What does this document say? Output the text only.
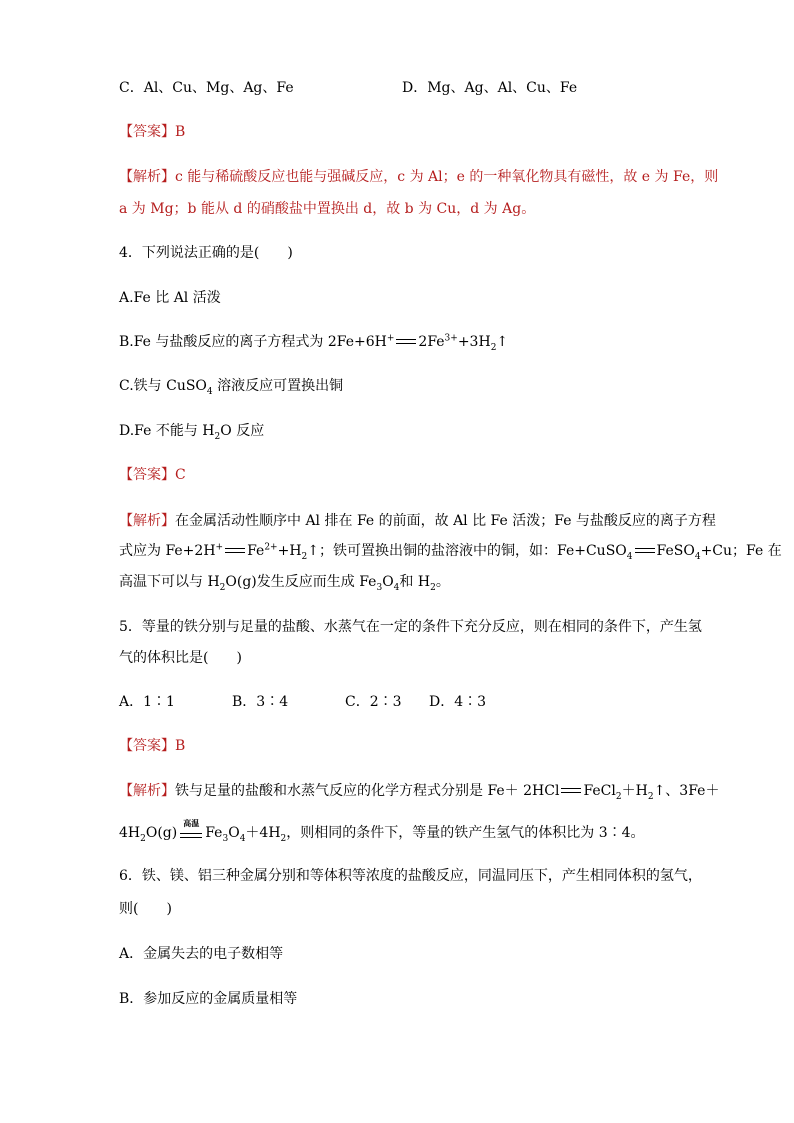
C．Al、Cu、Mg、Ag、Fe	D．Mg、Ag、Al、Cu、Fe
【答案】B
【解析】c 能与稀硫酸反应也能与强碱反应，c 为 Al；e 的一种氧化物具有磁性，故 e 为 Fe，则
a 为 Mg；b 能从 d 的硝酸盐中置换出 d，故 b 为 Cu，d 为 Ag。
4．下列说法正确的是(　　)
A.Fe 比 Al 活泼
B.Fe 与盐酸反应的离子方程式为 2Fe+6H+ $2Fe^{3+}+3H_2↑$
C.铁与 CuSO$_4$ 溶液反应可置换出铜
D.Fe 不能与 $H_2O$ 反应
【答案】C
【解析】在金属活动性顺序中 Al 排在 Fe 的前面，故 Al 比 Fe 活泼；Fe 与盐酸反应的离子方程
式应为 Fe+2H+ $Fe^{2+}+H_2↑$；铁可置换出铜的盐溶液中的铜，如：Fe+CuSO$_4$ FeSO$_4$+Cu；Fe 在
高温下可以与 $H_2O(g)$发生反应而生成 $Fe_3O_4$和 $H_2$。
5．等量的铁分别与足量的盐酸、水蒸气在一定的条件下充分反应，则在相同的条件下，产生氢
气的体积比是(　　)
A．1∶1	B．3∶4	C．2∶3 D．4∶3
【答案】B
【解析】铁与足量的盐酸和水蒸气反应的化学方程式分别是 Fe＋ 2HCl $FeCl_2+H_2↑$、3Fe＋
$4H_2O(g)$
高温
$Fe_3O_4+4H_2$，则相同的条件下，等量的铁产生氢气的体积比为 3∶4。
6．铁、镁、铝三种金属分别和等体积等浓度的盐酸反应，同温同压下，产生相同体积的氢气，
则(　　)
A．金属失去的电子数相等
B．参加反应的金属质量相等
